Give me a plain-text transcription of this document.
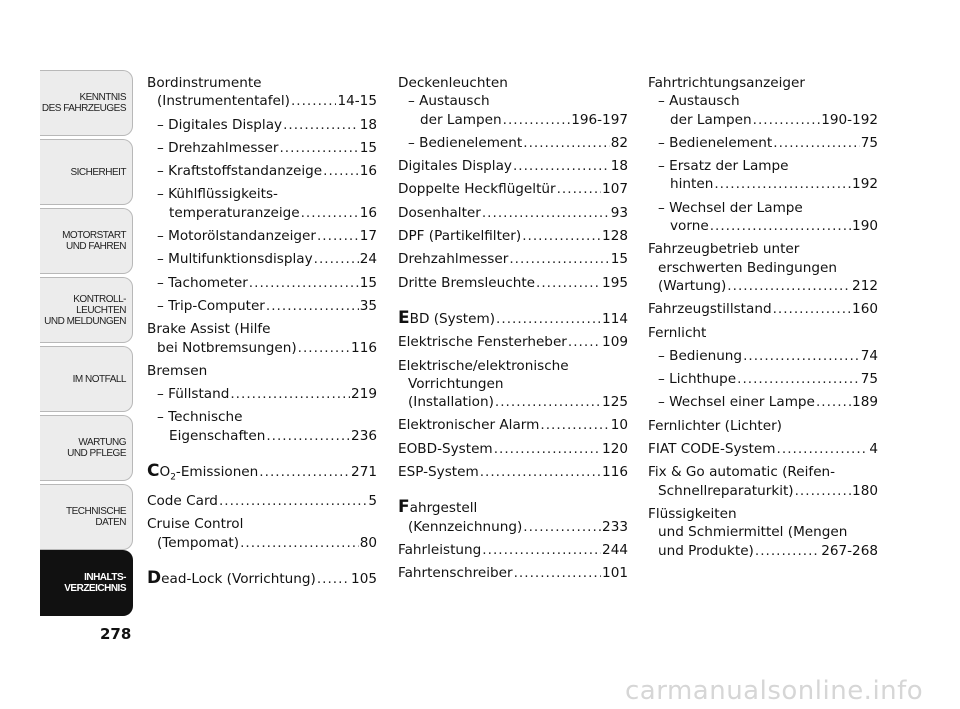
KENNTNIS
DES FAHRZEUGES
SICHERHEIT
MOTORSTART
UND FAHREN
KONTROLL-
LEUCHTEN
UND MELDUNGEN
IM NOTFALL
WARTUNG
UND PFLEGE
TECHNISCHE
DATEN
INHALTS-
VERZEICHNIS
278
Bordinstrumente
(Instrumententafel) .....	14-15
– Digitales Display .....	18
– Drehzahlmesser .....	15
– Kraftstoffstandanzeige .....	16
– Kühlflüssigkeits-
temperaturanzeige .....	16
– Motorölstandanzeiger .....	17
– Multifunktionsdisplay .....	24
– Tachometer .....	15
– Trip-Computer .....	35
Brake Assist (Hilfe
bei Notbremsungen) .....	116
Bremsen
– Füllstand .....	219
– Technische
Eigenschaften .....	236
$CO_2$-Emissionen .....	271
Code Card .....	5
Cruise Control
(Tempomat) .....	80
Dead-Lock (Vorrichtung) .....	105
Deckenleuchten
– Austausch
der Lampen .....	196-197
– Bedienelement .....	82
Digitales Display .....	18
Doppelte Heckflügeltür .....	107
Dosenhalter .....	93
DPF (Partikelfilter) .....	128
Drehzahlmesser .....	15
Dritte Bremsleuchte .....	195
EBD (System) .....	114
Elektrische Fensterheber .....	109
Elektrische/elektronische
Vorrichtungen
(Installation) .....	125
Elektronischer Alarm .....	10
EOBD-System .....	120
ESP-System .....	116
Fahrgestell
(Kennzeichnung) .....	233
Fahrleistung .....	244
Fahrtenschreiber .....	101
Fahrtrichtungsanzeiger
– Austausch
der Lampen .....	190-192
– Bedienelement .....	75
– Ersatz der Lampe
hinten .....	192
– Wechsel der Lampe
vorne .....	190
Fahrzeugbetrieb unter
erschwerten Bedingungen
(Wartung) .....	212
Fahrzeugstillstand .....	160
Fernlicht
– Bedienung .....	74
– Lichthupe .....	75
– Wechsel einer Lampe .....	189
Fernlichter (Lichter)
FIAT CODE-System .....	4
Fix & Go automatic (Reifen-
Schnellreparaturkit) .....	180
Flüssigkeiten
und Schmiermittel (Mengen
und Produkte) .....	267-268
carmanualsonline.info
